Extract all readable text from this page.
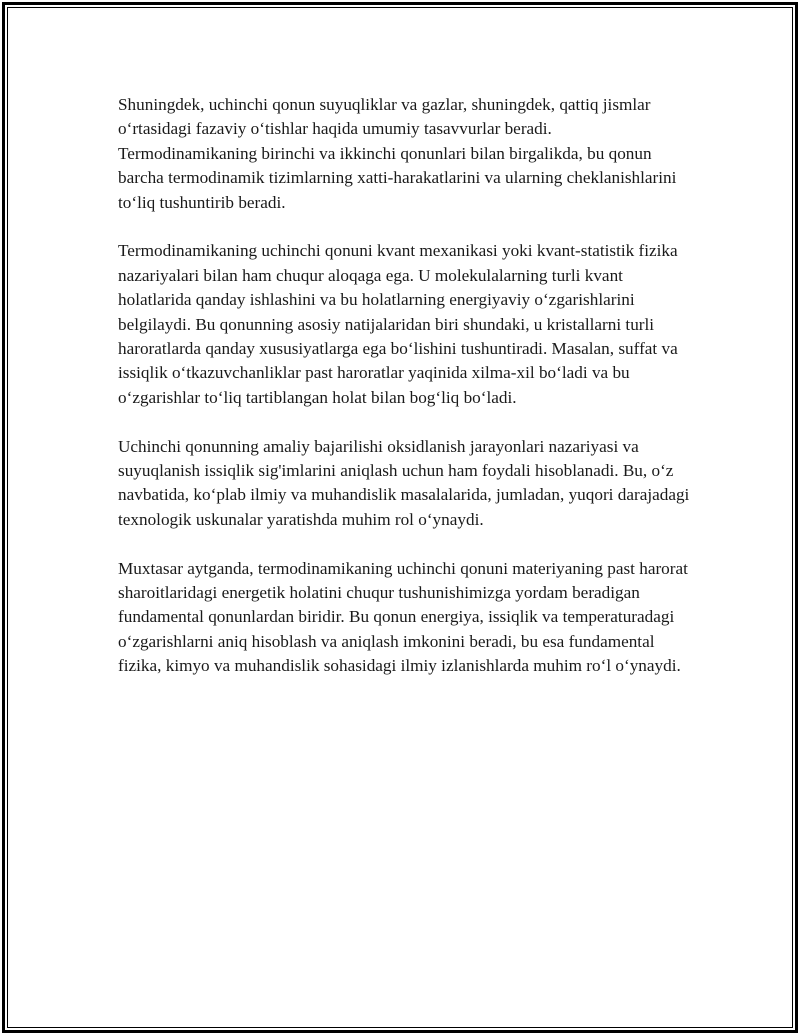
Shuningdek, uchinchi qonun suyuqliklar va gazlar, shuningdek, qattiq jismlar oʻrtasidagi fazaviy oʻtishlar haqida umumiy tasavvurlar beradi. Termodinamikaning birinchi va ikkinchi qonunlari bilan birgalikda, bu qonun barcha termodinamik tizimlarning xatti-harakatlarini va ularning cheklanishlarini toʻliq tushuntirib beradi.

Termodinamikaning uchinchi qonuni kvant mexanikasi yoki kvant-statistik fizika nazariyalari bilan ham chuqur aloqaga ega. U molekulalarning turli kvant holatlarida qanday ishlashini va bu holatlarning energiyaviy oʻzgarishlarini belgilaydi. Bu qonunning asosiy natijalaridan biri shundaki, u kristallarni turli haroratlarda qanday xususiyatlarga ega boʻlishini tushuntiradi. Masalan, suffat va issiqlik oʻtkazuvchanliklar past haroratlar yaqinida xilma-xil boʻladi va bu oʻzgarishlar toʻliq tartiblangan holat bilan bogʻliq boʻladi.

Uchinchi qonunning amaliy bajarilishi oksidlanish jarayonlari nazariyasi va suyuqlanish issiqlik sig'imlarini aniqlash uchun ham foydali hisoblanadi. Bu, oʻz navbatida, koʻplab ilmiy va muhandislik masalalarida, jumladan, yuqori darajadagi texnologik uskunalar yaratishda muhim rol oʻynaydi.

Muxtasar aytganda, termodinamikaning uchinchi qonuni materiyaning past harorat sharoitlaridagi energetik holatini chuqur tushunishimizga yordam beradigan fundamental qonunlardan biridir. Bu qonun energiya, issiqlik va temperaturadagi oʻzgarishlarni aniq hisoblash va aniqlash imkonini beradi, bu esa fundamental fizika, kimyo va muhandislik sohasidagi ilmiy izlanishlarda muhim roʻl oʻynaydi.
